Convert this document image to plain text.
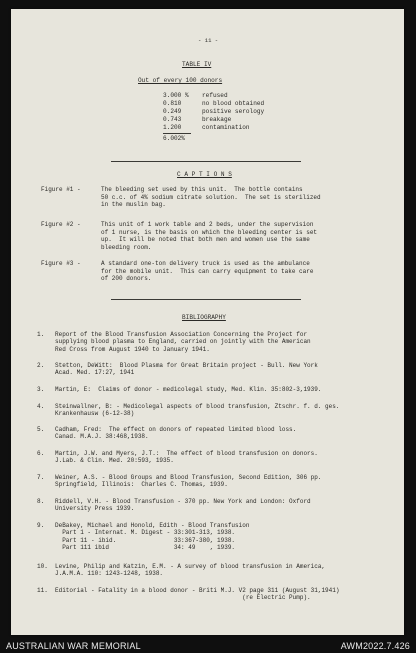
- 11 -
TABLE IV
Out of every 100 donors
3.000 % refused
0.810	no blood obtained
0.249	positive serology
0.743	breakage
1.200	contamination
6.002%
C A P T I O N S
Figure #1 -	The bleeding set used by this unit.  The bottle contains
50 c.c. of 4% sodium citrate solution.  The set is sterilized
in the muslin bag.
Figure #2 -	This unit of 1 work table and 2 beds, under the supervision
of 1 nurse, is the basis on which the bleeding center is set
up.  It will be noted that both men and women use the same
bleeding room.
Figure #3 -	A standard one-ton delivery truck is used as the ambulance
for the mobile unit.  This can carry equipment to take care
of 200 donors.
BIBLIOGRAPHY
1. Report of the Blood Transfusion Association Concerning the Project for
supplying blood plasma to England, carried on jointly with the American
Red Cross from August 1940 to January 1941.
2. Stetton, DeWitt:  Blood Plasma for Great Britain project - Bull. New York
Acad. Med. 17:27, 1941
3. Martin, E:  Claims of donor - medicolegal study, Med. Klin. 35:802-3,1939.
4. Steinwallner, B: - Medicolegal aspects of blood transfusion, Ztschr. f. d. ges.
Krankenhausw (6-12-38)
5. Cadham, Fred:  The effect on donors of repeated limited blood loss.
Canad. M.A.J. 38:468,1938.
6. Martin, J.W. and Myers, J.T.:  The effect of blood transfusion on donors.
J.Lab. & Clin. Med. 20:593, 1935.
7. Weiner, A.S. - Blood Groups and Blood Transfusion, Second Edition, 306 pp.
Springfield, Illinois:  Charles C. Thomas, 1939.
8. Riddell, V.H. - Blood Transfusion - 370 pp. New York and London: Oxford
University Press 1939.
9. DeBakey, Michael and Honold, Edith - Blood Transfusion
Part 1 - Internat. M. Digest - 33:301-313, 1938.
Part 11 - ibid.                33:367-380, 1938.
Part 111 ibid                  34: 49    , 1939.
10. Levine, Philip and Katzin, E.M. - A survey of blood transfusion in America,
J.A.M.A. 110: 1243-1248, 1938.
11. Editorial - Fatality in a blood donor - Briti M.J. V2 page 311 (August 31,1941)
(re Electric Pump).
AUSTRALIAN WAR MEMORIAL	AWM2022.7.426
